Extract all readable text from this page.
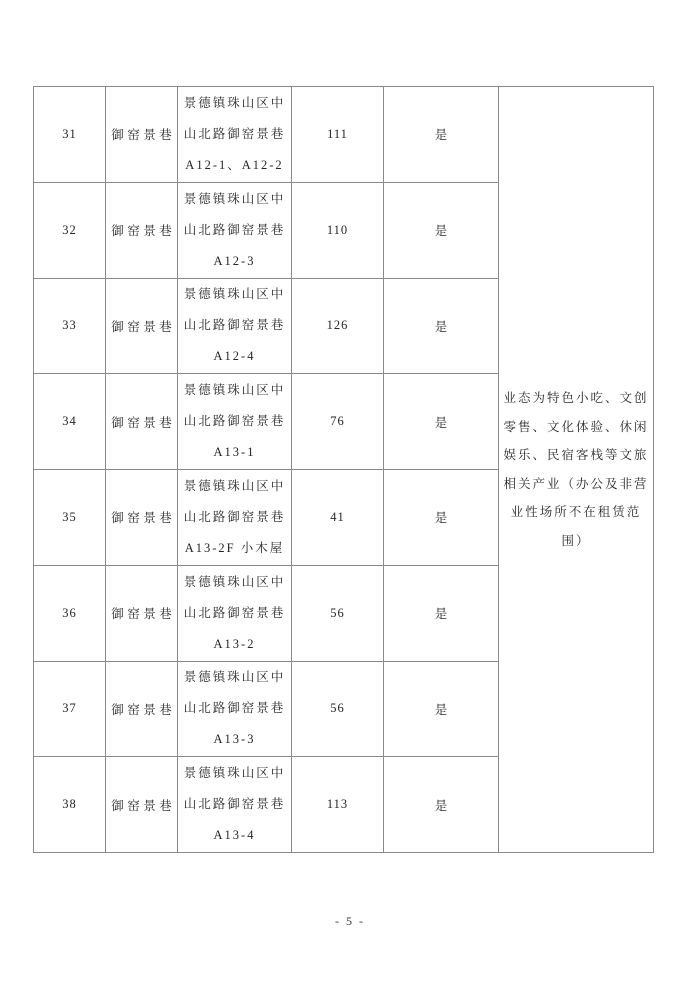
31	御窑景巷	
景德镇珠山区中
山北路御窑景巷
A12-1、A12-2
	111	是	
业态为特色小吃、文创
零售、文化体验、休闲
娱乐、民宿客栈等文旅
相关产业（办公及非营
业性场所不在租赁范
围）

32	御窑景巷	景德镇珠山区中
山北路御窑景巷
A12-3	110	是	
33	御窑景巷	景德镇珠山区中
山北路御窑景巷
A12-4	126	是	
34	御窑景巷	景德镇珠山区中
山北路御窑景巷
A13-1	76	是	
35	御窑景巷	景德镇珠山区中
山北路御窑景巷
A13-2F 小木屋	41	是	
36	御窑景巷	景德镇珠山区中
山北路御窑景巷
A13-2	56	是	
37	御窑景巷	景德镇珠山区中
山北路御窑景巷
A13-3	56	是	
38	御窑景巷	景德镇珠山区中
山北路御窑景巷
A13-4	113	是	
- 5 -
